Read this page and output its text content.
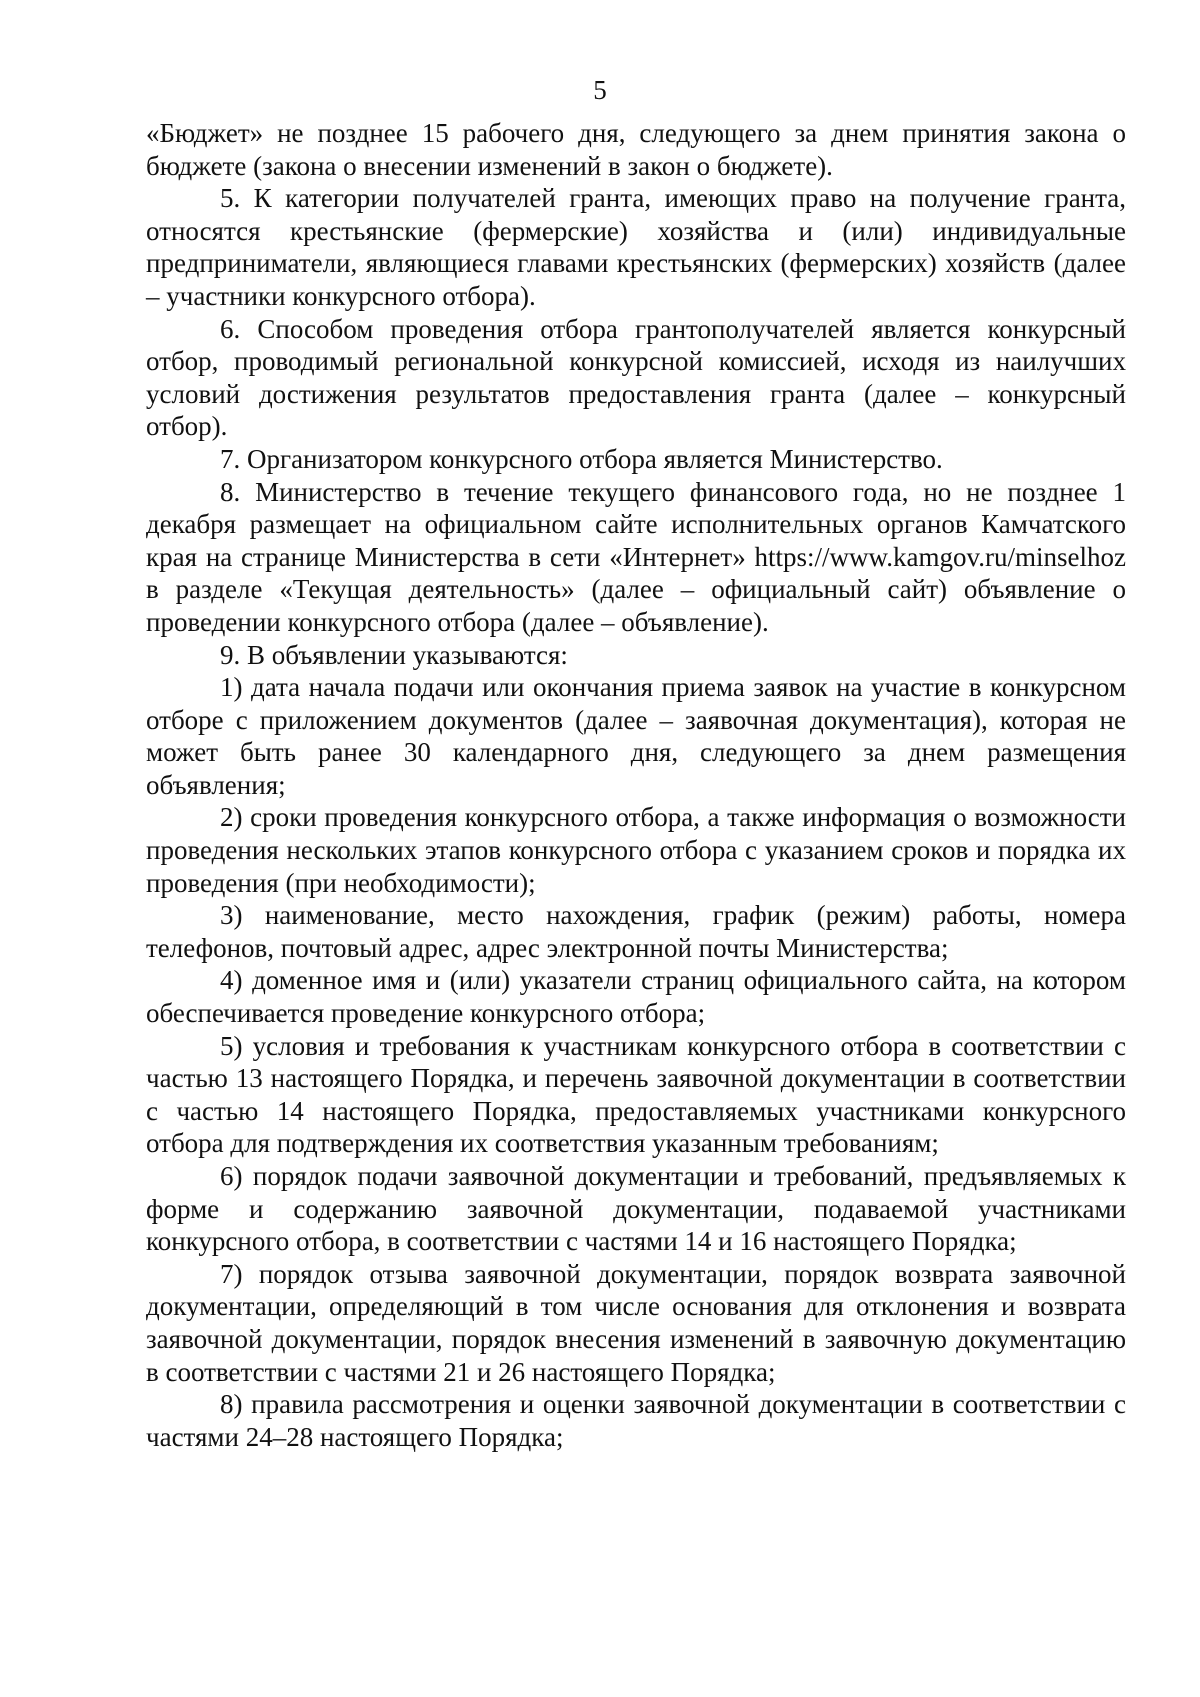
5

«Бюджет» не позднее 15 рабочего дня, следующего за днем принятия закона о бюджете (закона о внесении изменений в закон о бюджете).

5. К категории получателей гранта, имеющих право на получение гранта, относятся крестьянские (фермерские) хозяйства и (или) индивидуальные предприниматели, являющиеся главами крестьянских (фермерских) хозяйств (далее – участники конкурсного отбора).

6. Способом проведения отбора грантополучателей является конкурсный отбор, проводимый региональной конкурсной комиссией, исходя из наилучших условий достижения результатов предоставления гранта (далее – конкурсный отбор).

7. Организатором конкурсного отбора является Министерство.

8. Министерство в течение текущего финансового года, но не позднее 1 декабря размещает на официальном сайте исполнительных органов Камчатского края на странице Министерства в сети «Интернет» https://www.kamgov.ru/minselhoz в разделе «Текущая деятельность» (далее – официальный сайт) объявление о проведении конкурсного отбора (далее – объявление).

9. В объявлении указываются:

1) дата начала подачи или окончания приема заявок на участие в конкурсном отборе с приложением документов (далее – заявочная документация), которая не может быть ранее 30 календарного дня, следующего за днем размещения объявления;

2) сроки проведения конкурсного отбора, а также информация о возможности проведения нескольких этапов конкурсного отбора с указанием сроков и порядка их проведения (при необходимости);

3) наименование, место нахождения, график (режим) работы, номера телефонов, почтовый адрес, адрес электронной почты Министерства;

4) доменное имя и (или) указатели страниц официального сайта, на котором обеспечивается проведение конкурсного отбора;

5) условия и требования к участникам конкурсного отбора в соответствии с частью 13 настоящего Порядка, и перечень заявочной документации в соответствии с частью 14 настоящего Порядка, предоставляемых участниками конкурсного отбора для подтверждения их соответствия указанным требованиям;

6) порядок подачи заявочной документации и требований, предъявляемых к форме и содержанию заявочной документации, подаваемой участниками конкурсного отбора, в соответствии с частями 14 и 16 настоящего Порядка;

7) порядок отзыва заявочной документации, порядок возврата заявочной документации, определяющий в том числе основания для отклонения и возврата заявочной документации, порядок внесения изменений в заявочную документацию в соответствии с частями 21 и 26 настоящего Порядка;

8) правила рассмотрения и оценки заявочной документации в соответствии с частями 24–28 настоящего Порядка;
